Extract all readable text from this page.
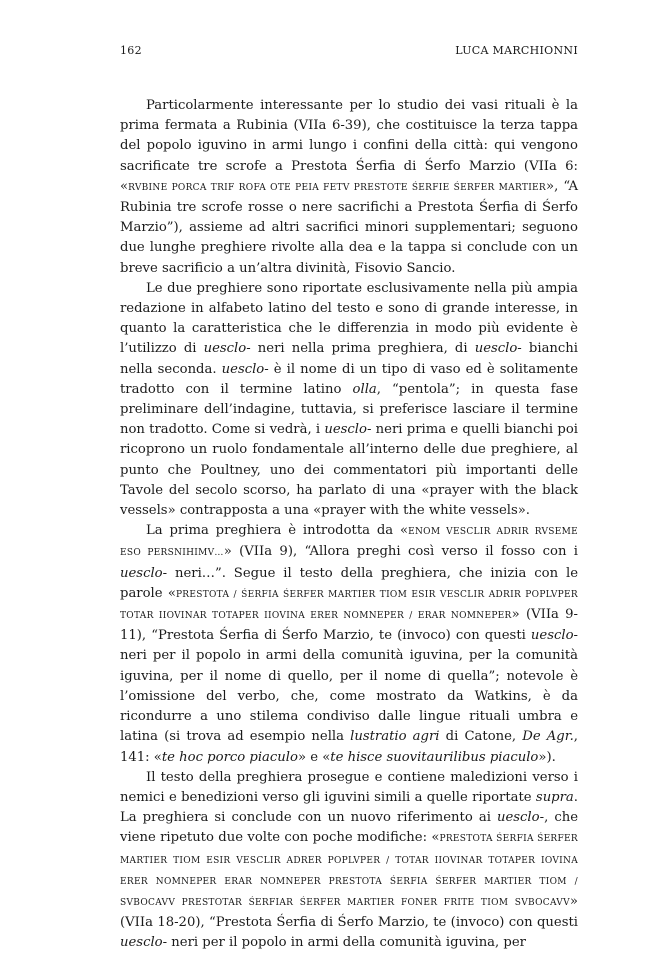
162	LUCA MARCHIONNI

Particolarmente interessante per lo studio dei vasi rituali è la prima fermata a Rubinia (VIIa 6-39), che costituisce la terza tappa del popolo iguvino in armi lungo i confini della città: qui vengono sacrificate tre scrofe a Prestota Śerfia di Śerfo Marzio (VIIa 6: «RVBINE PORCA TRIF ROFA OTE PEIA FETV PRESTOTE ŚERFIE ŚERFER MARTIER», “A Rubinia tre scrofe rosse o nere sacrifichi a Prestota Śerfia di Śerfo Marzio”), assieme ad altri sacrifici minori supplementari; seguono due lunghe preghiere rivolte alla dea e la tappa si conclude con un breve sacrificio a un’altra divinità, Fisovio Sancio.

Le due preghiere sono riportate esclusivamente nella più ampia redazione in alfabeto latino del testo e sono di grande interesse, in quanto la caratteristica che le differenzia in modo più evidente è l’utilizzo di uesclo- neri nella prima preghiera, di uesclo- bianchi nella seconda. uesclo- è il nome di un tipo di vaso ed è solitamente tradotto con il termine latino olla, “pentola”; in questa fase preliminare dell’indagine, tuttavia, si preferisce lasciare il termine non tradotto. Come si vedrà, i uesclo- neri prima e quelli bianchi poi ricoprono un ruolo fondamentale all’interno delle due preghiere, al punto che Poultney, uno dei commentatori più importanti delle Tavole del secolo scorso, ha parlato di una «prayer with the black vessels» contrapposta a una «prayer with the white vessels».

La prima preghiera è introdotta da «ENOM VESCLIR ADRIR RVSEME ESO PERSNIHIMV…» (VIIa 9), “Allora preghi così verso il fosso con i uesclo- neri…”. Segue il testo della preghiera, che inizia con le parole «PRESTOTA / ŚERFIA ŚERFER MARTIER TIOM ESIR VESCLIR ADRIR POPLVPER TOTAR IIOVINAR TOTAPER IIOVINA ERER NOMNEPER / ERAR NOMNEPER» (VIIa 9-11), “Prestota Śerfia di Śerfo Marzio, te (invoco) con questi uesclo- neri per il popolo in armi della comunità iguvina, per la comunità iguvina, per il nome di quello, per il nome di quella”; notevole è l’omissione del verbo, che, come mostrato da Watkins, è da ricondurre a uno stilema condiviso dalle lingue rituali umbra e latina (si trova ad esempio nella lustratio agri di Catone, De Agr., 141: «te hoc porco piaculo» e «te hisce suovitaurilibus piaculo»).

Il testo della preghiera prosegue e contiene maledizioni verso i nemici e benedizioni verso gli iguvini simili a quelle riportate supra. La preghiera si conclude con un nuovo riferimento ai uesclo-, che viene ripetuto due volte con poche modifiche: «PRESTOTA ŚERFIA ŚERFER MARTIER TIOM ESIR VESCLIR ADRER POPLVPER / TOTAR IIOVINAR TOTAPER IOVINA ERER NOMNEPER ERAR NOMNEPER PRESTOTA ŚERFIA ŚERFER MARTIER TIOM / SVBOCAVV PRESTOTAR ŚERFIAR ŚERFER MARTIER FONER FRITE TIOM SVBOCAVV» (VIIa 18-20), “Prestota Śerfia di Śerfo Marzio, te (invoco) con questi uesclo- neri per il popolo in armi della comunità iguvina, per
